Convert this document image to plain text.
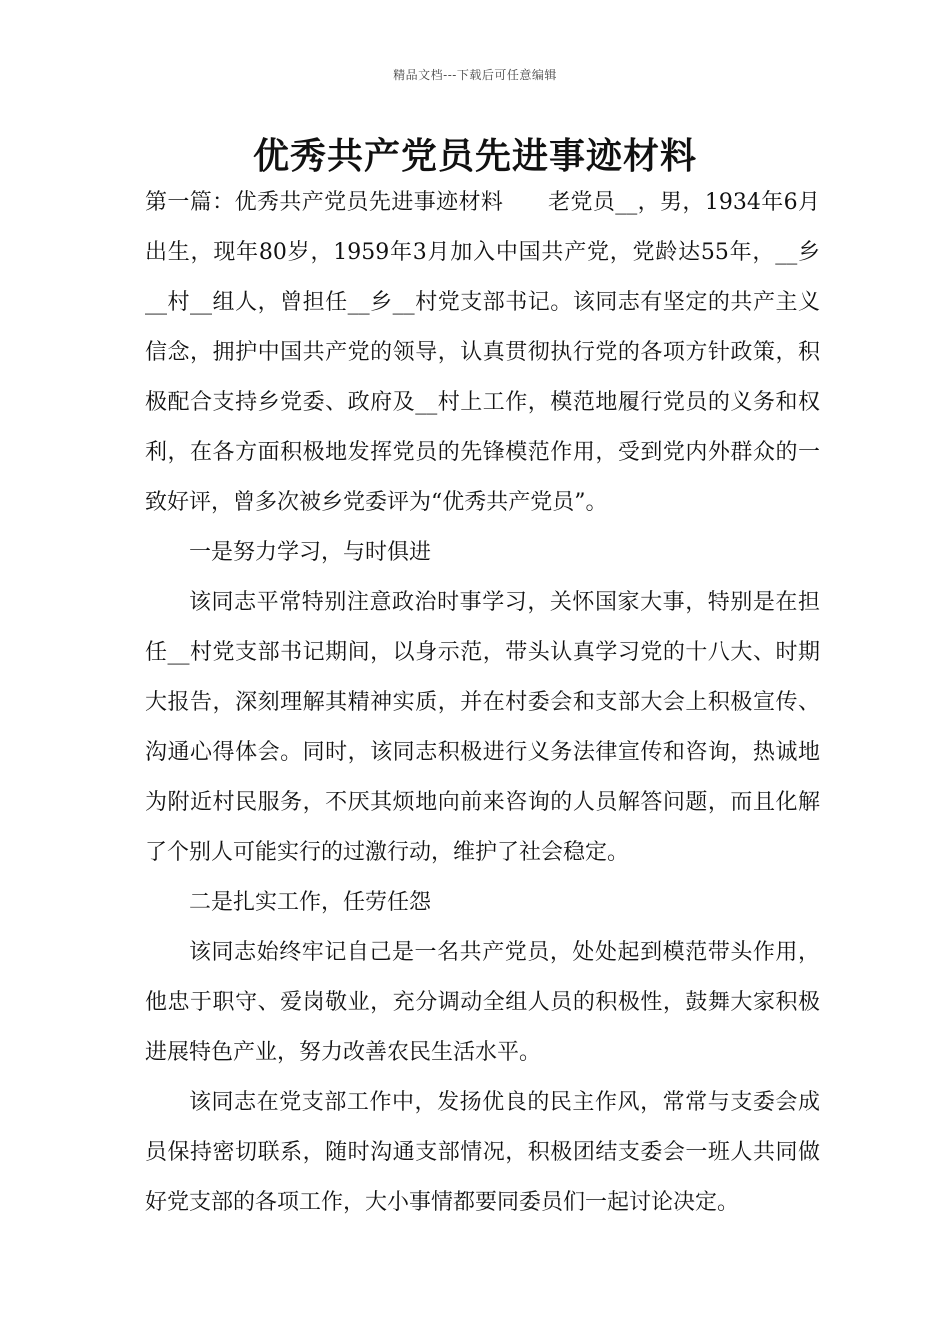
精品文档---下载后可任意编辑
优秀共产党员先进事迹材料

第一篇：优秀共产党员先进事迹材料　　老党员__，男，1934年6月出生，现年80岁，1959年3月加入中国共产党，党龄达55年，__乡__村__组人，曾担任__乡__村党支部书记。该同志有坚定的共产主义信念，拥护中国共产党的领导，认真贯彻执行党的各项方针政策，积极配合支持乡党委、政府及__村上工作，模范地履行党员的义务和权利，在各方面积极地发挥党员的先锋模范作用，受到党内外群众的一致好评，曾多次被乡党委评为“优秀共产党员”。

一是努力学习，与时俱进

该同志平常特别注意政治时事学习，关怀国家大事，特别是在担任__村党支部书记期间，以身示范，带头认真学习党的十八大、时期大报告，深刻理解其精神实质，并在村委会和支部大会上积极宣传、沟通心得体会。同时，该同志积极进行义务法律宣传和咨询，热诚地为附近村民服务，不厌其烦地向前来咨询的人员解答问题，而且化解了个别人可能实行的过激行动，维护了社会稳定。

二是扎实工作，任劳任怨

该同志始终牢记自己是一名共产党员，处处起到模范带头作用，他忠于职守、爱岗敬业，充分调动全组人员的积极性，鼓舞大家积极进展特色产业，努力改善农民生活水平。

该同志在党支部工作中，发扬优良的民主作风，常常与支委会成员保持密切联系，随时沟通支部情况，积极团结支委会一班人共同做好党支部的各项工作，大小事情都要同委员们一起讨论决定。
